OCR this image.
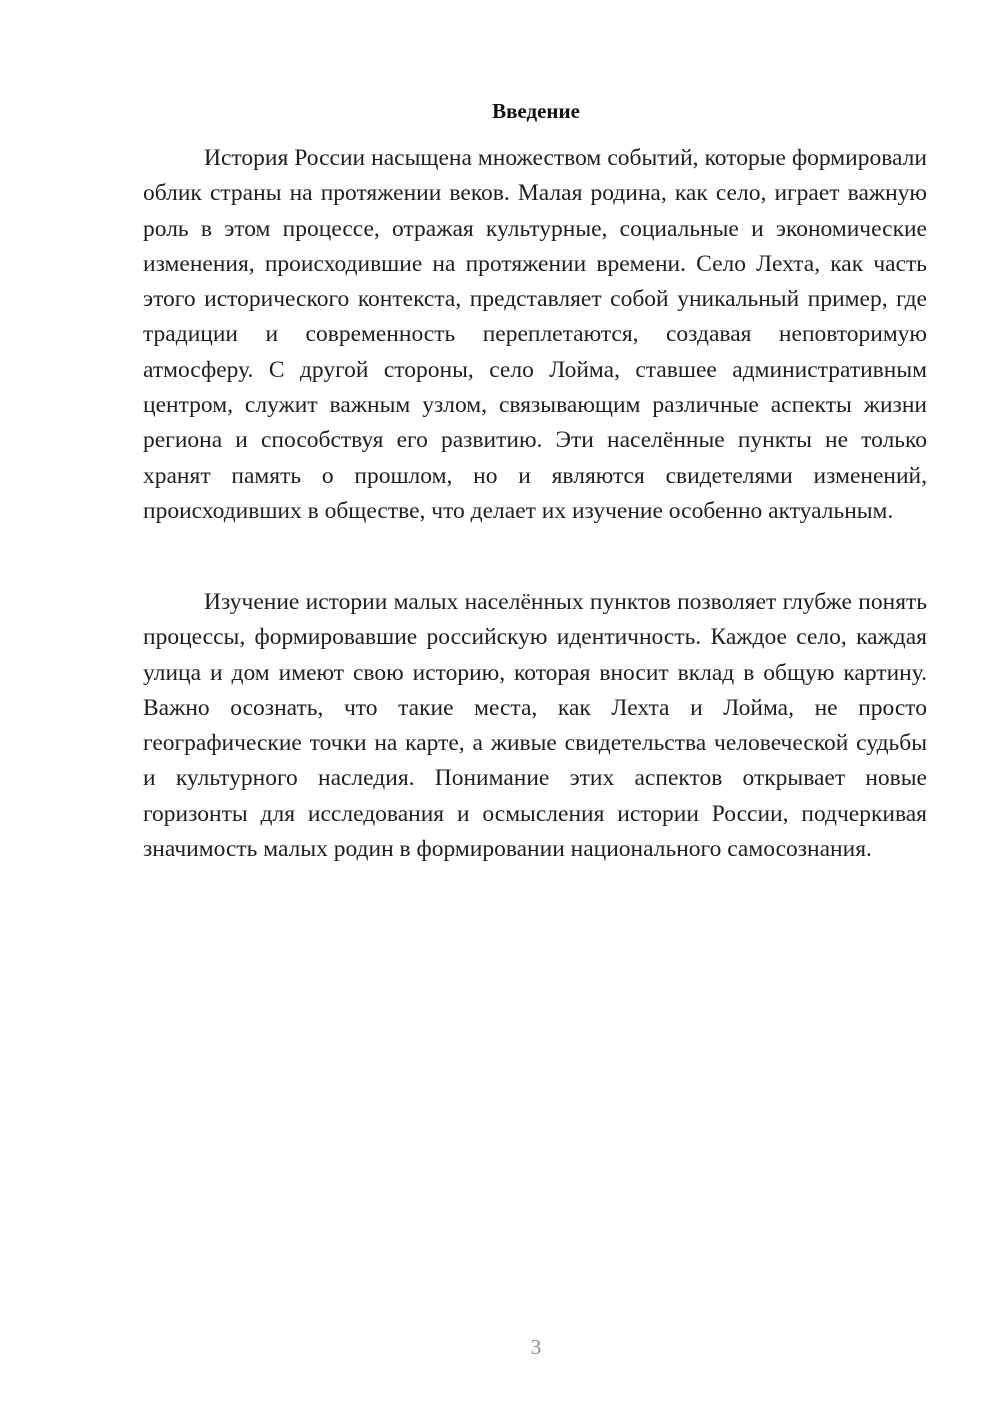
Введение

История России насыщена множеством событий, которые формировали облик страны на протяжении веков. Малая родина, как село, играет важную роль в этом процессе, отражая культурные, социальные и экономические изменения, происходившие на протяжении времени. Село Лехта, как часть этого исторического контекста, представляет собой уникальный пример, где традиции и современность переплетаются, создавая неповторимую атмосферу. С другой стороны, село Лойма, ставшее административным центром, служит важным узлом, связывающим различные аспекты жизни региона и способствуя его развитию. Эти населённые пункты не только хранят память о прошлом, но и являются свидетелями изменений, происходивших в обществе, что делает их изучение особенно актуальным.

Изучение истории малых населённых пунктов позволяет глубже понять процессы, формировавшие российскую идентичность. Каждое село, каждая улица и дом имеют свою историю, которая вносит вклад в общую картину. Важно осознать, что такие места, как Лехта и Лойма, не просто географические точки на карте, а живые свидетельства человеческой судьбы и культурного наследия. Понимание этих аспектов открывает новые горизонты для исследования и осмысления истории России, подчеркивая значимость малых родин в формировании национального самосознания.

3
